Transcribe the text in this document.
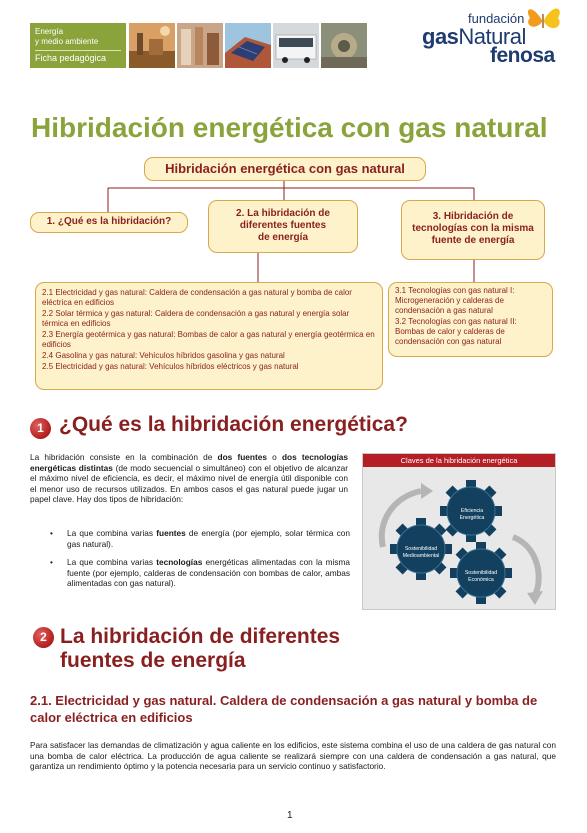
Energía
y medio ambiente
Ficha pedagógica
fundación
gasNatural
fenosa
Hibridación energética con gas natural
Hibridación energética con gas natural
1. ¿Qué es la hibridación?
2. La hibridación de
diferentes fuentes
de energía
3. Hibridación de
tecnologías con la misma
fuente de energía
2.1 Electricidad y gas natural: Caldera de condensación a gas natural y bomba de calor eléctrica en edificios
2.2 Solar térmica y gas natural: Caldera de condensación a gas natural y energía solar térmica en edificios
2.3 Energía geotérmica y gas natural: Bombas de calor a gas natural y energía geotérmica en edificios
2.4 Gasolina y gas natural: Vehículos híbridos gasolina y gas natural
2.5 Electricidad y gas natural: Vehículos híbridos eléctricos y gas natural
3.1 Tecnologías con gas natural I: Microgeneración y calderas de condensación a gas natural
3.2 Tecnologías con gas natural II: Bombas de calor y calderas de condensación con gas natural
1 ¿Qué es la hibridación energética?

La hibridación consiste en la combinación de dos fuentes o dos tecnologías energéticas distintas (de modo secuencial o simultáneo) con el objetivo de alcanzar el máximo nivel de eficiencia, es decir, el máximo nivel de energía útil disponible con el menor uso de recursos utilizados. En ambos casos el gas natural puede jugar un papel clave. Hay dos tipos de hibridación:

• La que combina varias fuentes de energía (por ejemplo, solar térmica con gas natural).
• La que combina varias tecnologías energéticas alimentadas con la misma fuente (por ejemplo, calderas de condensación con bombas de calor, ambas alimentadas con gas natural).
Claves de la hibridación energética
Eficiencia
Energética
Sostenibilidad
Medioambiental
Sostenibilidad
Económica
2 La hibridación de diferentes
fuentes de energía
2.1. Electricidad y gas natural. Caldera de condensación a gas natural y bomba de calor eléctrica en edificios

Para satisfacer las demandas de climatización y agua caliente en los edificios, este sistema combina el uso de una caldera de gas natural con una bomba de calor eléctrica. La producción de agua caliente se realizará siempre con una caldera de condensación a gas natural, que garantiza un rendimiento óptimo y la potencia necesaria para un servicio continuo y satisfactorio.

1
